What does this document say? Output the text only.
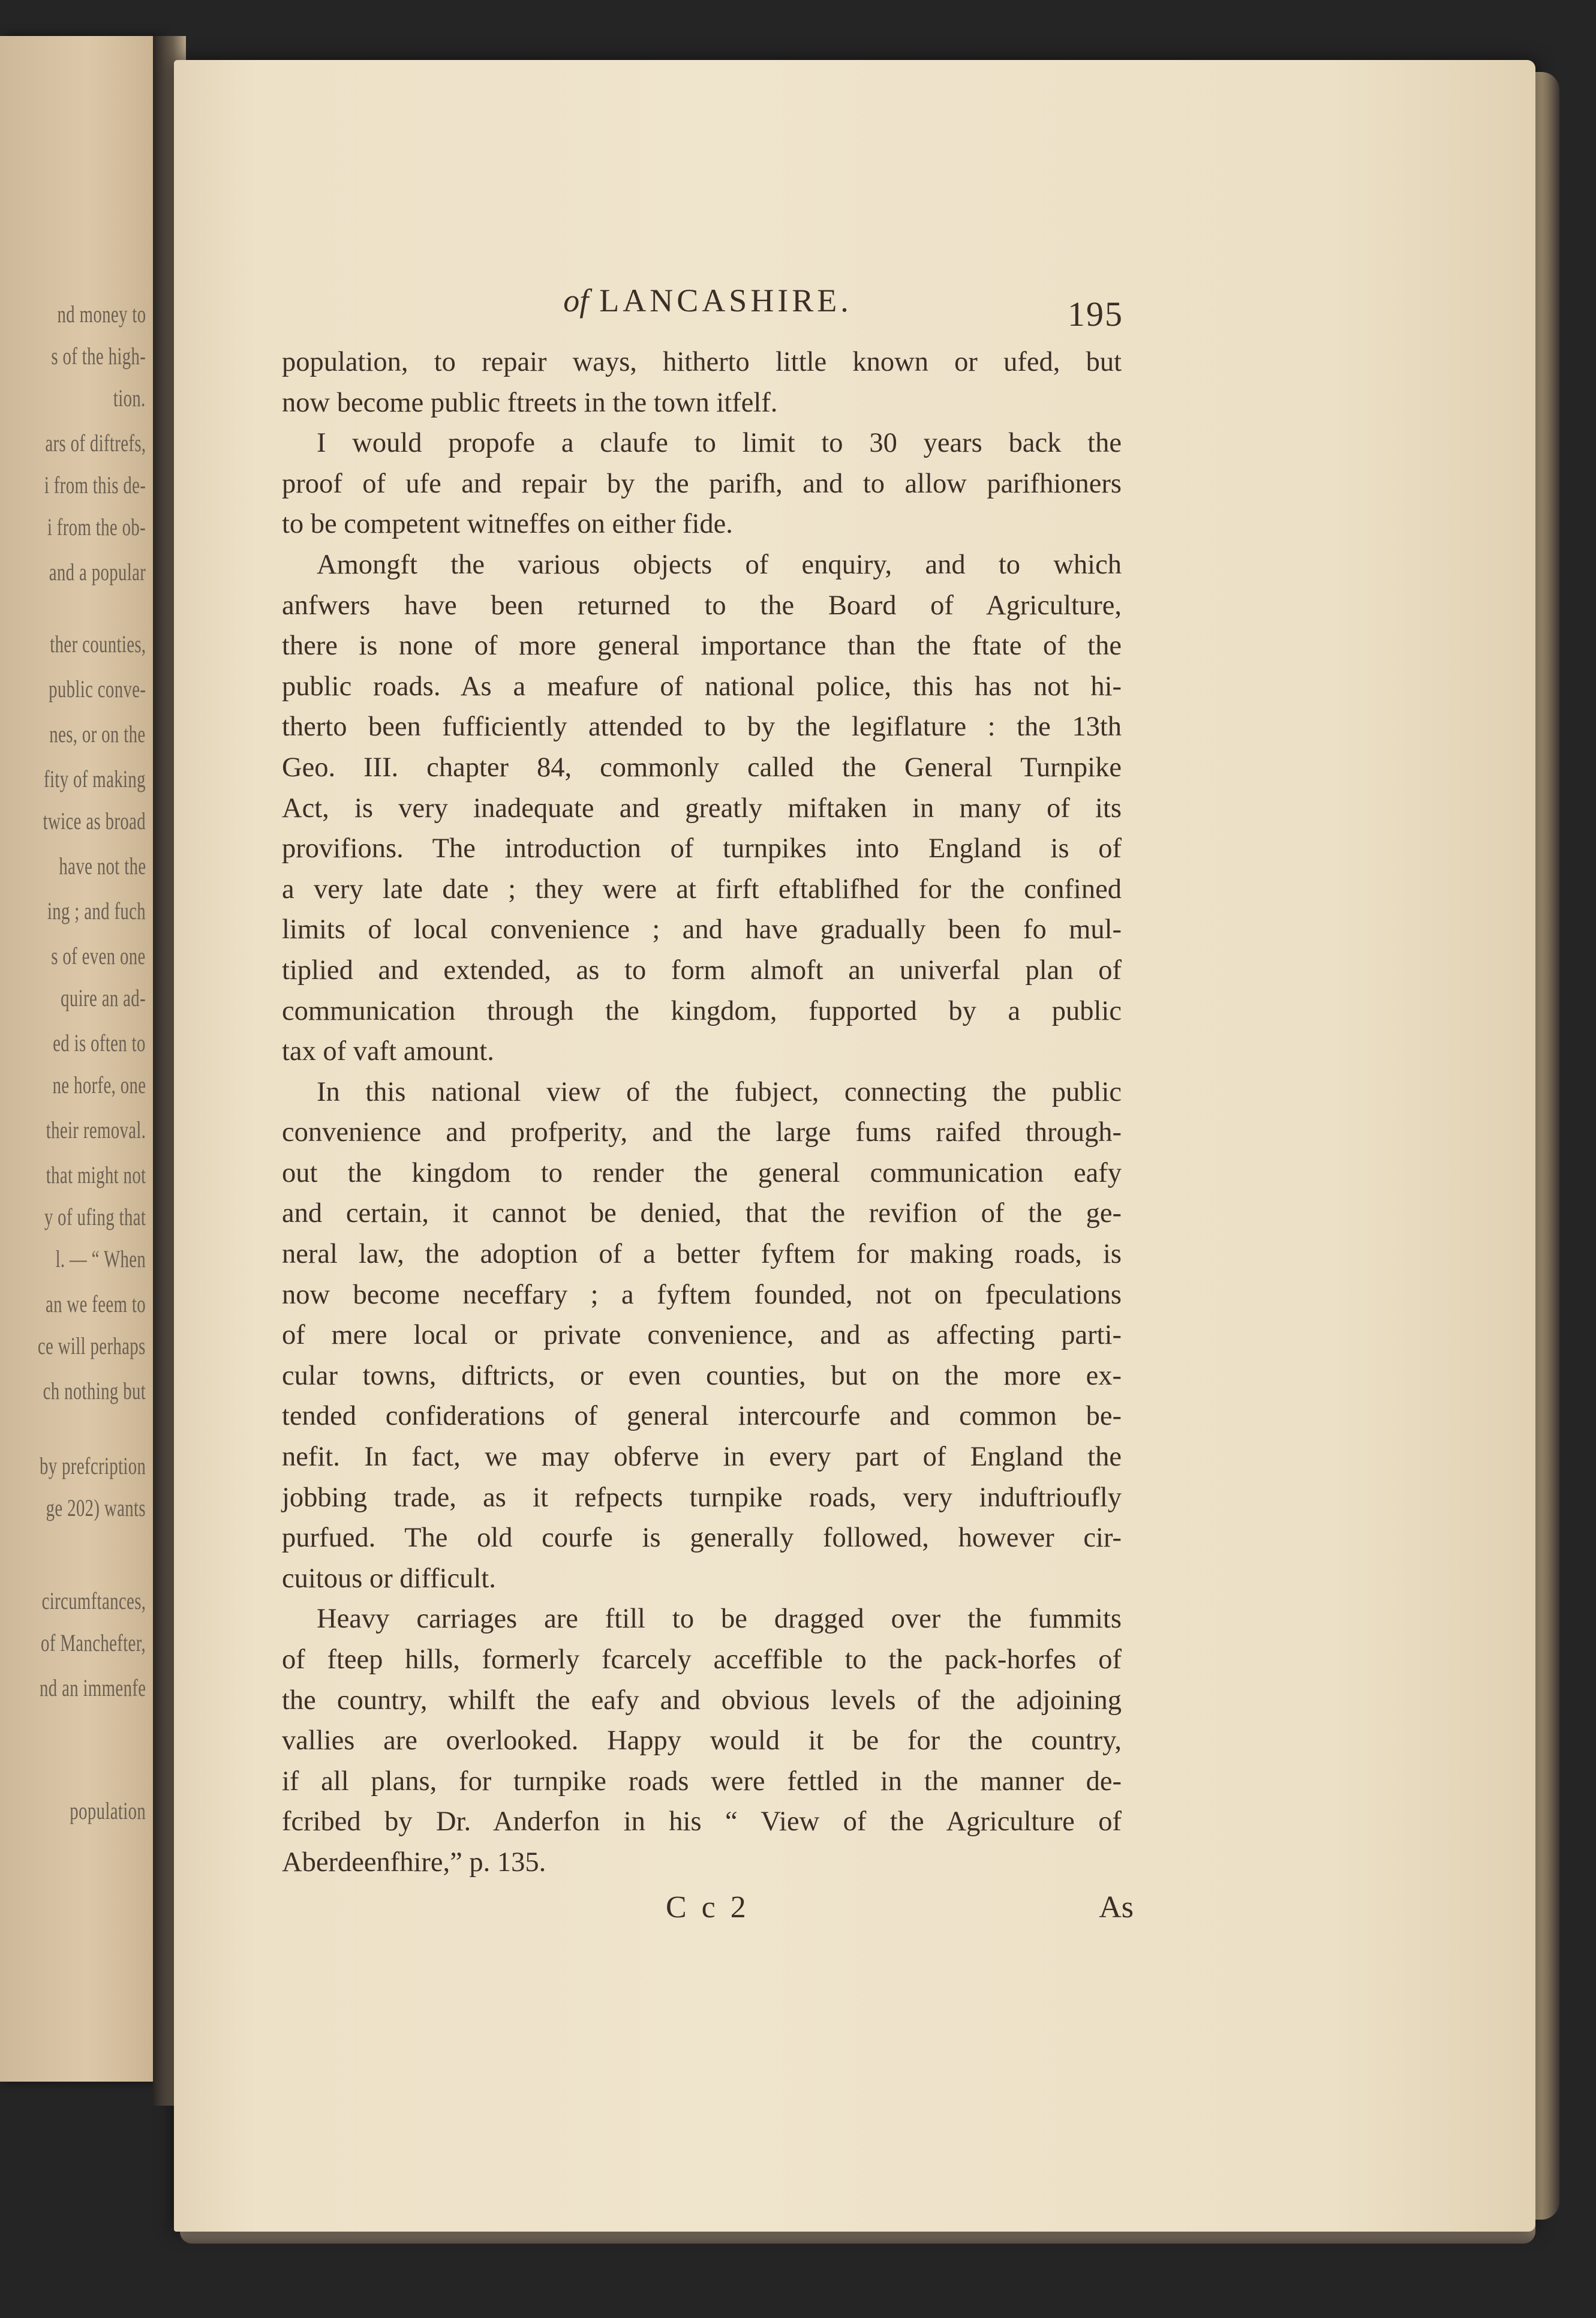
nd money to
s of the high-
tion.
ars of diftrefs,
i from this de-
i from the ob-
and a popular
ther counties,
public conve-
nes, or on the
fity of making
twice as broad
have not the
ing ; and fuch
s of even one
quire an ad-
ed is often to
ne horfe, one
their removal.
that might not
y of ufing that
l. — “ When
an we feem to
ce will perhaps
ch nothing but
by prefcription
ge 202) wants
circumftances,
of Manchefter,
nd an immenfe
population
of LANCASHIRE.	195
population, to repair ways, hitherto little known or ufed, but
now become public ftreets in the town itfelf.
I would propofe a claufe to limit to 30 years back the
proof of ufe and repair by the parifh, and to allow parifhioners
to be competent witneffes on either fide.
Amongft the various objects of enquiry, and to which
anfwers have been returned to the Board of Agriculture,
there is none of more general importance than the ftate of the
public roads. As a meafure of national police, this has not hi-
therto been fufficiently attended to by the legiflature : the 13th
Geo. III. chapter 84, commonly called the General Turnpike
Act, is very inadequate and greatly miftaken in many of its
provifions. The introduction of turnpikes into England is of
a very late date ; they were at firft eftablifhed for the confined
limits of local convenience ; and have gradually been fo mul-
tiplied and extended, as to form almoft an univerfal plan of
communication through the kingdom, fupported by a public
tax of vaft amount.
In this national view of the fubject, connecting the public
convenience and profperity, and the large fums raifed through-
out the kingdom to render the general communication eafy
and certain, it cannot be denied, that the revifion of the ge-
neral law, the adoption of a better fyftem for making roads, is
now become neceffary ; a fyftem founded, not on fpeculations
of mere local or private convenience, and as affecting parti-
cular towns, diftricts, or even counties, but on the more ex-
tended confiderations of general intercourfe and common be-
nefit. In fact, we may obferve in every part of England the
jobbing trade, as it refpects turnpike roads, very induftrioufly
purfued. The old courfe is generally followed, however cir-
cuitous or difficult.
Heavy carriages are ftill to be dragged over the fummits
of fteep hills, formerly fcarcely acceffible to the pack-horfes of
the country, whilft the eafy and obvious levels of the adjoining
vallies are overlooked. Happy would it be for the country,
if all plans, for turnpike roads were fettled in the manner de-
fcribed by Dr. Anderfon in his “ View of the Agriculture of
Aberdeenfhire,” p. 135.
C c 2	As
